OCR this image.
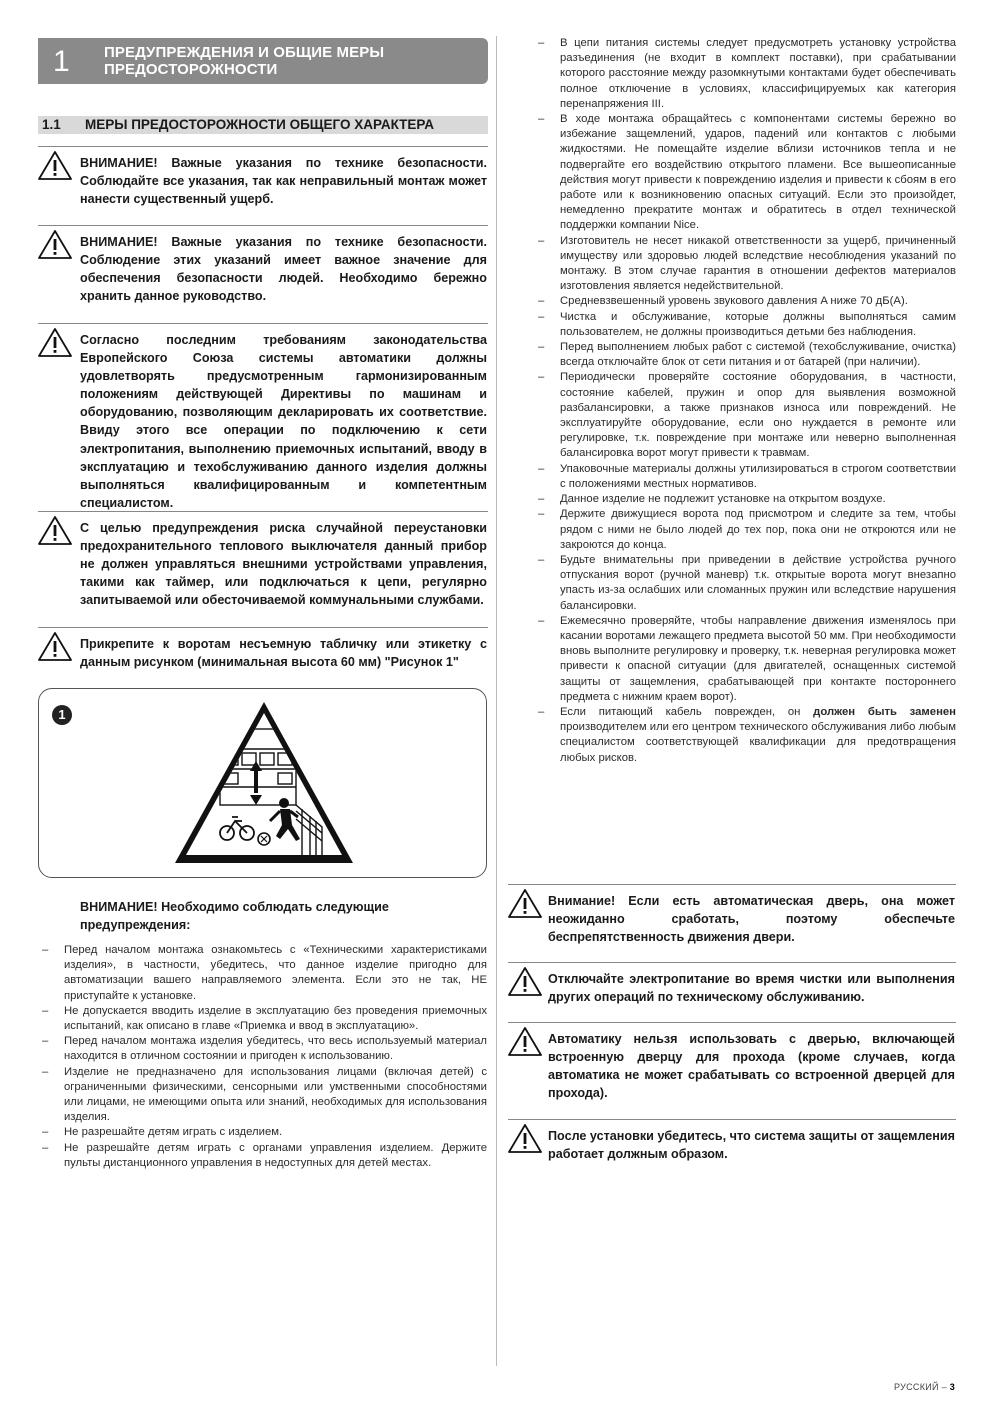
1 ПРЕДУПРЕЖДЕНИЯ И ОБЩИЕ МЕРЫ
ПРЕДОСТОРОЖНОСТИ
1.1 МЕРЫ ПРЕДОСТОРОЖНОСТИ ОБЩЕГО ХАРАКТЕРА
ВНИМАНИЕ! Важные указания по технике безопасности. Соблюдайте все указания, так как неправильный монтаж может нанести существенный ущерб.
ВНИМАНИЕ! Важные указания по технике безопасности. Соблюдение этих указаний имеет важное значение для обеспечения безопасности людей. Необходимо бережно хранить данное руководство.
Согласно последним требованиям законодательства Европейского Союза системы автоматики должны удовлетворять предусмотренным гармонизированным положениям действующей Директивы по машинам и оборудованию, позволяющим декларировать их соответствие. Ввиду этого все операции по подключению к сети электропитания, выполнению приемочных испытаний, вводу в эксплуатацию и техобслуживанию данного изделия должны выполняться квалифицированным и компетентным специалистом.
С целью предупреждения риска случайной переустановки предохранительного теплового выключателя данный прибор не должен управляться внешними устройствами управления, такими как таймер, или подключаться к цепи, регулярно запитываемой или обесточиваемой коммунальными службами.
Прикрепите к воротам несъемную табличку или этикетку с данным рисунком (минимальная высота 60 мм) "Рисунок 1"
1
ВНИМАНИЕ! Необходимо соблюдать следующие предупреждения:
– Перед началом монтажа ознакомьтесь с «Техническими характеристиками изделия», в частности, убедитесь, что данное изделие пригодно для автоматизации вашего направляемого элемента. Если это не так, НЕ приступайте к установке.
– Не допускается вводить изделие в эксплуатацию без проведения приемочных испытаний, как описано в главе «Приемка и ввод в эксплуатацию».
– Перед началом монтажа изделия убедитесь, что весь используемый материал находится в отличном состоянии и пригоден к использованию.
– Изделие не предназначено для использования лицами (включая детей) с ограниченными физическими, сенсорными или умственными способностями или лицами, не имеющими опыта или знаний, необходимых для использования изделия.
– Не разрешайте детям играть с изделием.
– Не разрешайте детям играть с органами управления изделием. Держите пульты дистанционного управления в недоступных для детей местах.
– В цепи питания системы следует предусмотреть установку устройства разъединения (не входит в комплект поставки), при срабатывании которого расстояние между разомкнутыми контактами будет обеспечивать полное отключение в условиях, классифицируемых как категория перенапряжения III.
– В ходе монтажа обращайтесь с компонентами системы бережно во избежание защемлений, ударов, падений или контактов с любыми жидкостями. Не помещайте изделие вблизи источников тепла и не подвергайте его воздействию открытого пламени. Все вышеописанные действия могут привести к повреждению изделия и привести к сбоям в его работе или к возникновению опасных ситуаций. Если это произойдет, немедленно прекратите монтаж и обратитесь в отдел технической поддержки компании Nice.
– Изготовитель не несет никакой ответственности за ущерб, причиненный имуществу или здоровью людей вследствие несоблюдения указаний по монтажу. В этом случае гарантия в отношении дефектов материалов изготовления является недействительной.
– Средневзвешенный уровень звукового давления A ниже 70 дБ(A).
– Чистка и обслуживание, которые должны выполняться самим пользователем, не должны производиться детьми без наблюдения.
– Перед выполнением любых работ с системой (техобслуживание, очистка) всегда отключайте блок от сети питания и от батарей (при наличии).
– Периодически проверяйте состояние оборудования, в частности, состояние кабелей, пружин и опор для выявления возможной разбалансировки, а также признаков износа или повреждений. Не эксплуатируйте оборудование, если оно нуждается в ремонте или регулировке, т.к. повреждение при монтаже или неверно выполненная балансировка ворот могут привести к травмам.
– Упаковочные материалы должны утилизироваться в строгом соответствии с положениями местных нормативов.
– Данное изделие не подлежит установке на открытом воздухе.
– Держите движущиеся ворота под присмотром и следите за тем, чтобы рядом с ними не было людей до тех пор, пока они не откроются или не закроются до конца.
– Будьте внимательны при приведении в действие устройства ручного отпускания ворот (ручной маневр) т.к. открытые ворота могут внезапно упасть из-за ослабших или сломанных пружин или вследствие нарушения балансировки.
– Ежемесячно проверяйте, чтобы направление движения изменялось при касании воротами лежащего предмета высотой 50 мм. При необходимости вновь выполните регулировку и проверку, т.к. неверная регулировка может привести к опасной ситуации (для двигателей, оснащенных системой защиты от защемления, срабатывающей при контакте постороннего предмета с нижним краем ворот).
– Если питающий кабель поврежден, он должен быть заменен производителем или его центром технического обслуживания либо любым специалистом соответствующей квалификации для предотвращения любых рисков.
Внимание! Если есть автоматическая дверь, она может неожиданно сработать, поэтому обеспечьте беспрепятственность движения двери.
Отключайте электропитание во время чистки или выполнения других операций по техническому обслуживанию.
Автоматику нельзя использовать с дверью, включающей встроенную дверцу для прохода (кроме случаев, когда автоматика не может срабатывать со встроенной дверцей для прохода).
После установки убедитесь, что система защиты от защемления работает должным образом.
РУССКИЙ – 3
